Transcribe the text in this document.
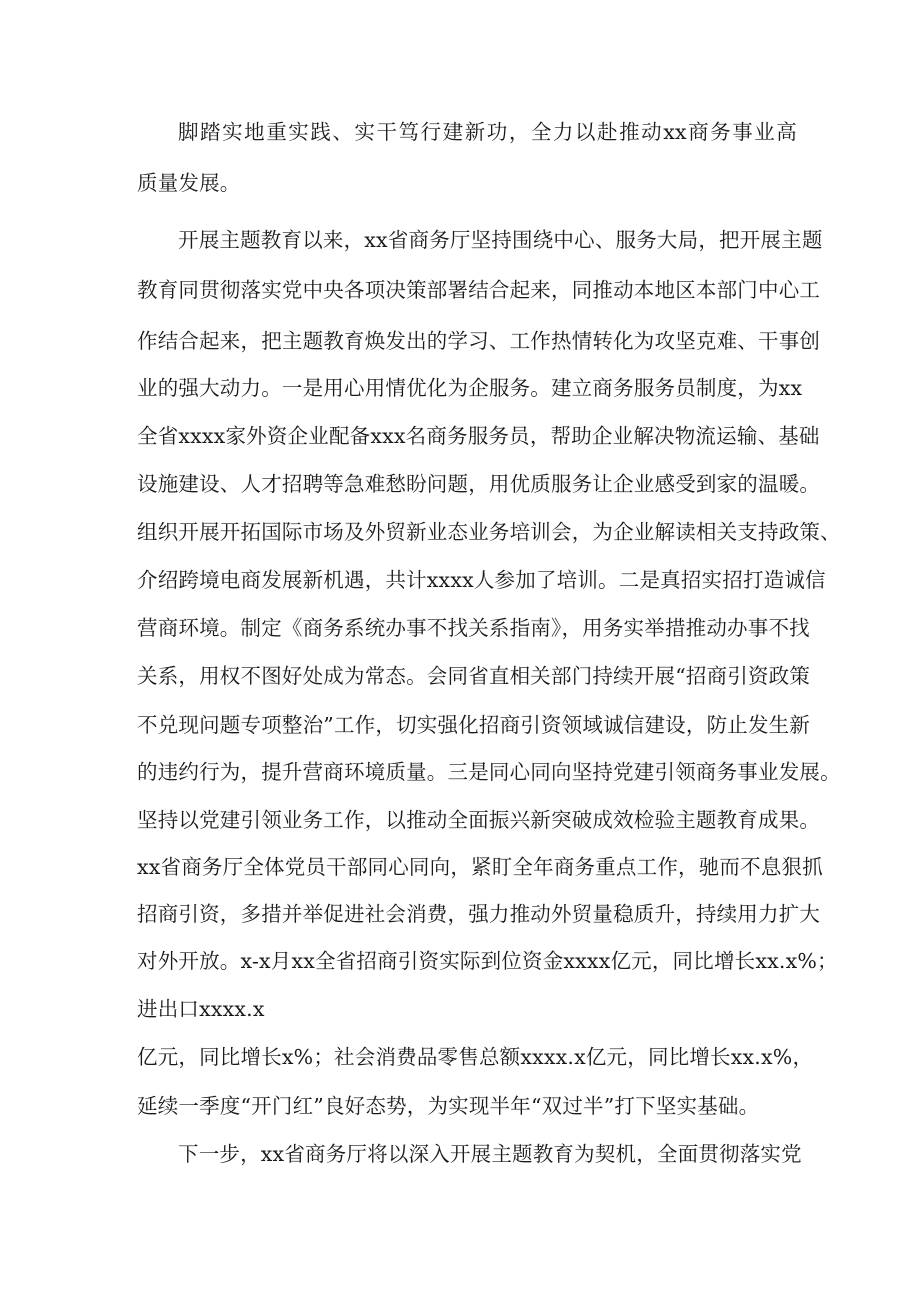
脚踏实地重实践、实干笃行建新功，全力以赴推动xx商务事业高
质量发展。
开展主题教育以来，xx省商务厅坚持围绕中心、服务大局，把开展主题
教育同贯彻落实党中央各项决策部署结合起来，同推动本地区本部门中心工
作结合起来，把主题教育焕发出的学习、工作热情转化为攻坚克难、干事创
业的强大动力。一是用心用情优化为企服务。建立商务服务员制度，为xx
全省xxxx家外资企业配备xxx名商务服务员，帮助企业解决物流运输、基础
设施建设、人才招聘等急难愁盼问题，用优质服务让企业感受到家的温暖。
组织开展开拓国际市场及外贸新业态业务培训会，为企业解读相关支持政策、
介绍跨境电商发展新机遇，共计xxxx人参加了培训。二是真招实招打造诚信
营商环境。制定《商务系统办事不找关系指南》，用务实举措推动办事不找
关系，用权不图好处成为常态。会同省直相关部门持续开展“招商引资政策
不兑现问题专项整治”工作，切实强化招商引资领域诚信建设，防止发生新
的违约行为，提升营商环境质量。三是同心同向坚持党建引领商务事业发展。
坚持以党建引领业务工作，以推动全面振兴新突破成效检验主题教育成果。
xx省商务厅全体党员干部同心同向，紧盯全年商务重点工作，驰而不息狠抓
招商引资，多措并举促进社会消费，强力推动外贸量稳质升，持续用力扩大
对外开放。x-x月xx全省招商引资实际到位资金xxxx亿元，同比增长xx.x%；
进出口xxxx.x
亿元，同比增长x%；社会消费品零售总额xxxx.x亿元，同比增长xx.x%，
延续一季度“开门红”良好态势，为实现半年“双过半”打下坚实基础。
下一步，xx省商务厅将以深入开展主题教育为契机，全面贯彻落实党
